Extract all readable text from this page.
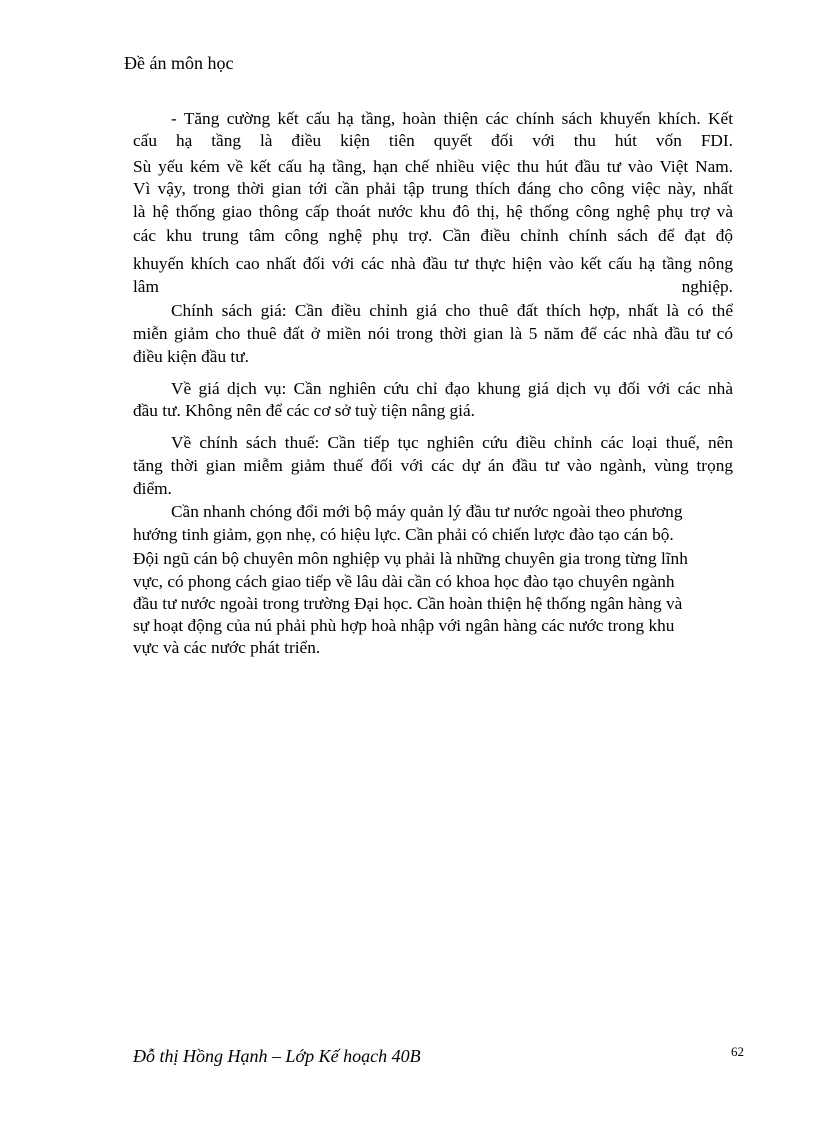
Đề án môn học
- Tăng cường kết cấu hạ tầng, hoàn thiện các chính sách khuyến khích. Kết
cấu hạ tầng là điều kiện tiên quyết đối với thu hút vốn FDI.
Sù yếu kém về kết cấu hạ tầng, hạn chế nhiều việc thu hút đầu tư vào Việt Nam.
Vì vậy, trong thời gian tới cần phải tập trung thích đáng cho công việc này, nhất
là hệ thống giao thông cấp thoát nước khu đô thị, hệ thống công nghệ phụ trợ và
các khu trung tâm công nghệ phụ trợ. Cần điều chỉnh chính sách để đạt độ
khuyến khích cao nhất đối với các nhà đầu tư thực hiện vào kết cấu hạ tầng nông
lâm nghiệp.
Chính sách giá: Cần điều chỉnh giá cho thuê đất thích hợp, nhất là có thể
miễn giảm cho thuê đất ở miền nói trong thời gian là 5 năm để các nhà đầu tư có
điều kiện đầu tư.
Về giá dịch vụ: Cần nghiên cứu chỉ đạo khung giá dịch vụ đối với các nhà
đầu tư. Không nên để các cơ sở tuỳ tiện nâng giá.
Về chính sách thuế: Cần tiếp tục nghiên cứu điều chỉnh các loại thuế, nên
tăng thời gian miễm giảm thuế đối với các dự án đầu tư vào ngành, vùng trọng
điểm.
Cần nhanh chóng đổi mới bộ máy quản lý đầu tư nước ngoài theo phương
hướng tinh giảm, gọn nhẹ, có hiệu lực. Cần phải có chiến lược đào tạo cán bộ.
Đội ngũ cán bộ chuyên môn nghiệp vụ phải là những chuyên gia trong từng lĩnh
vực, có phong cách giao tiếp về lâu dài cần có khoa học đào tạo chuyên ngành
đầu tư nước ngoài trong trường Đại học. Cần hoàn thiện hệ thống ngân hàng và
sự hoạt động của nú phải phù hợp hoà nhập với ngân hàng các nước trong khu
vực và các nước phát triển.
Đỗ thị Hồng Hạnh – Lớp Kế hoạch 40B	62
